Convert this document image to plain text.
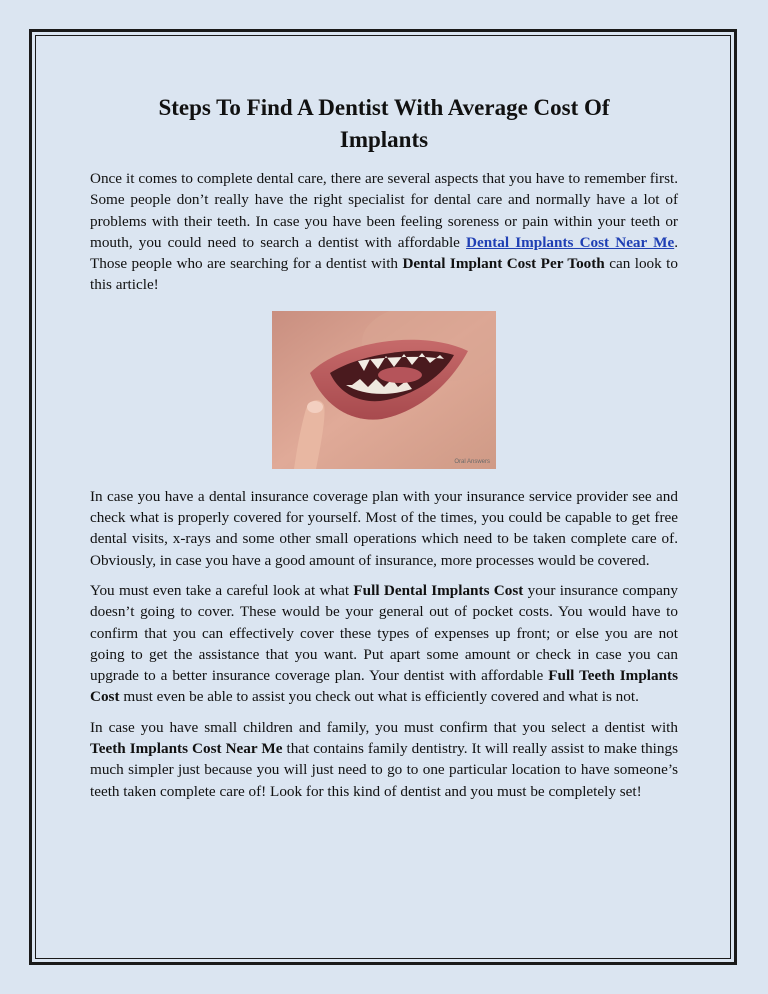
Steps To Find A Dentist With Average Cost Of Implants

Once it comes to complete dental care, there are several aspects that you have to remember first. Some people don’t really have the right specialist for dental care and normally have a lot of problems with their teeth. In case you have been feeling soreness or pain within your teeth or mouth, you could need to search a dentist with affordable Dental Implants Cost Near Me. Those people who are searching for a dentist with Dental Implant Cost Per Tooth can look to this article!

Oral Answers

In case you have a dental insurance coverage plan with your insurance service provider see and check what is properly covered for yourself. Most of the times, you could be capable to get free dental visits, x-rays and some other small operations which need to be taken complete care of. Obviously, in case you have a good amount of insurance, more processes would be covered.

You must even take a careful look at what Full Dental Implants Cost your insurance company doesn’t going to cover. These would be your general out of pocket costs. You would have to confirm that you can effectively cover these types of expenses up front; or else you are not going to get the assistance that you want. Put apart some amount or check in case you can upgrade to a better insurance coverage plan. Your dentist with affordable Full Teeth Implants Cost must even be able to assist you check out what is efficiently covered and what is not.

In case you have small children and family, you must confirm that you select a dentist with Teeth Implants Cost Near Me that contains family dentistry. It will really assist to make things much simpler just because you will just need to go to one particular location to have someone’s teeth taken complete care of! Look for this kind of dentist and you must be completely set!
